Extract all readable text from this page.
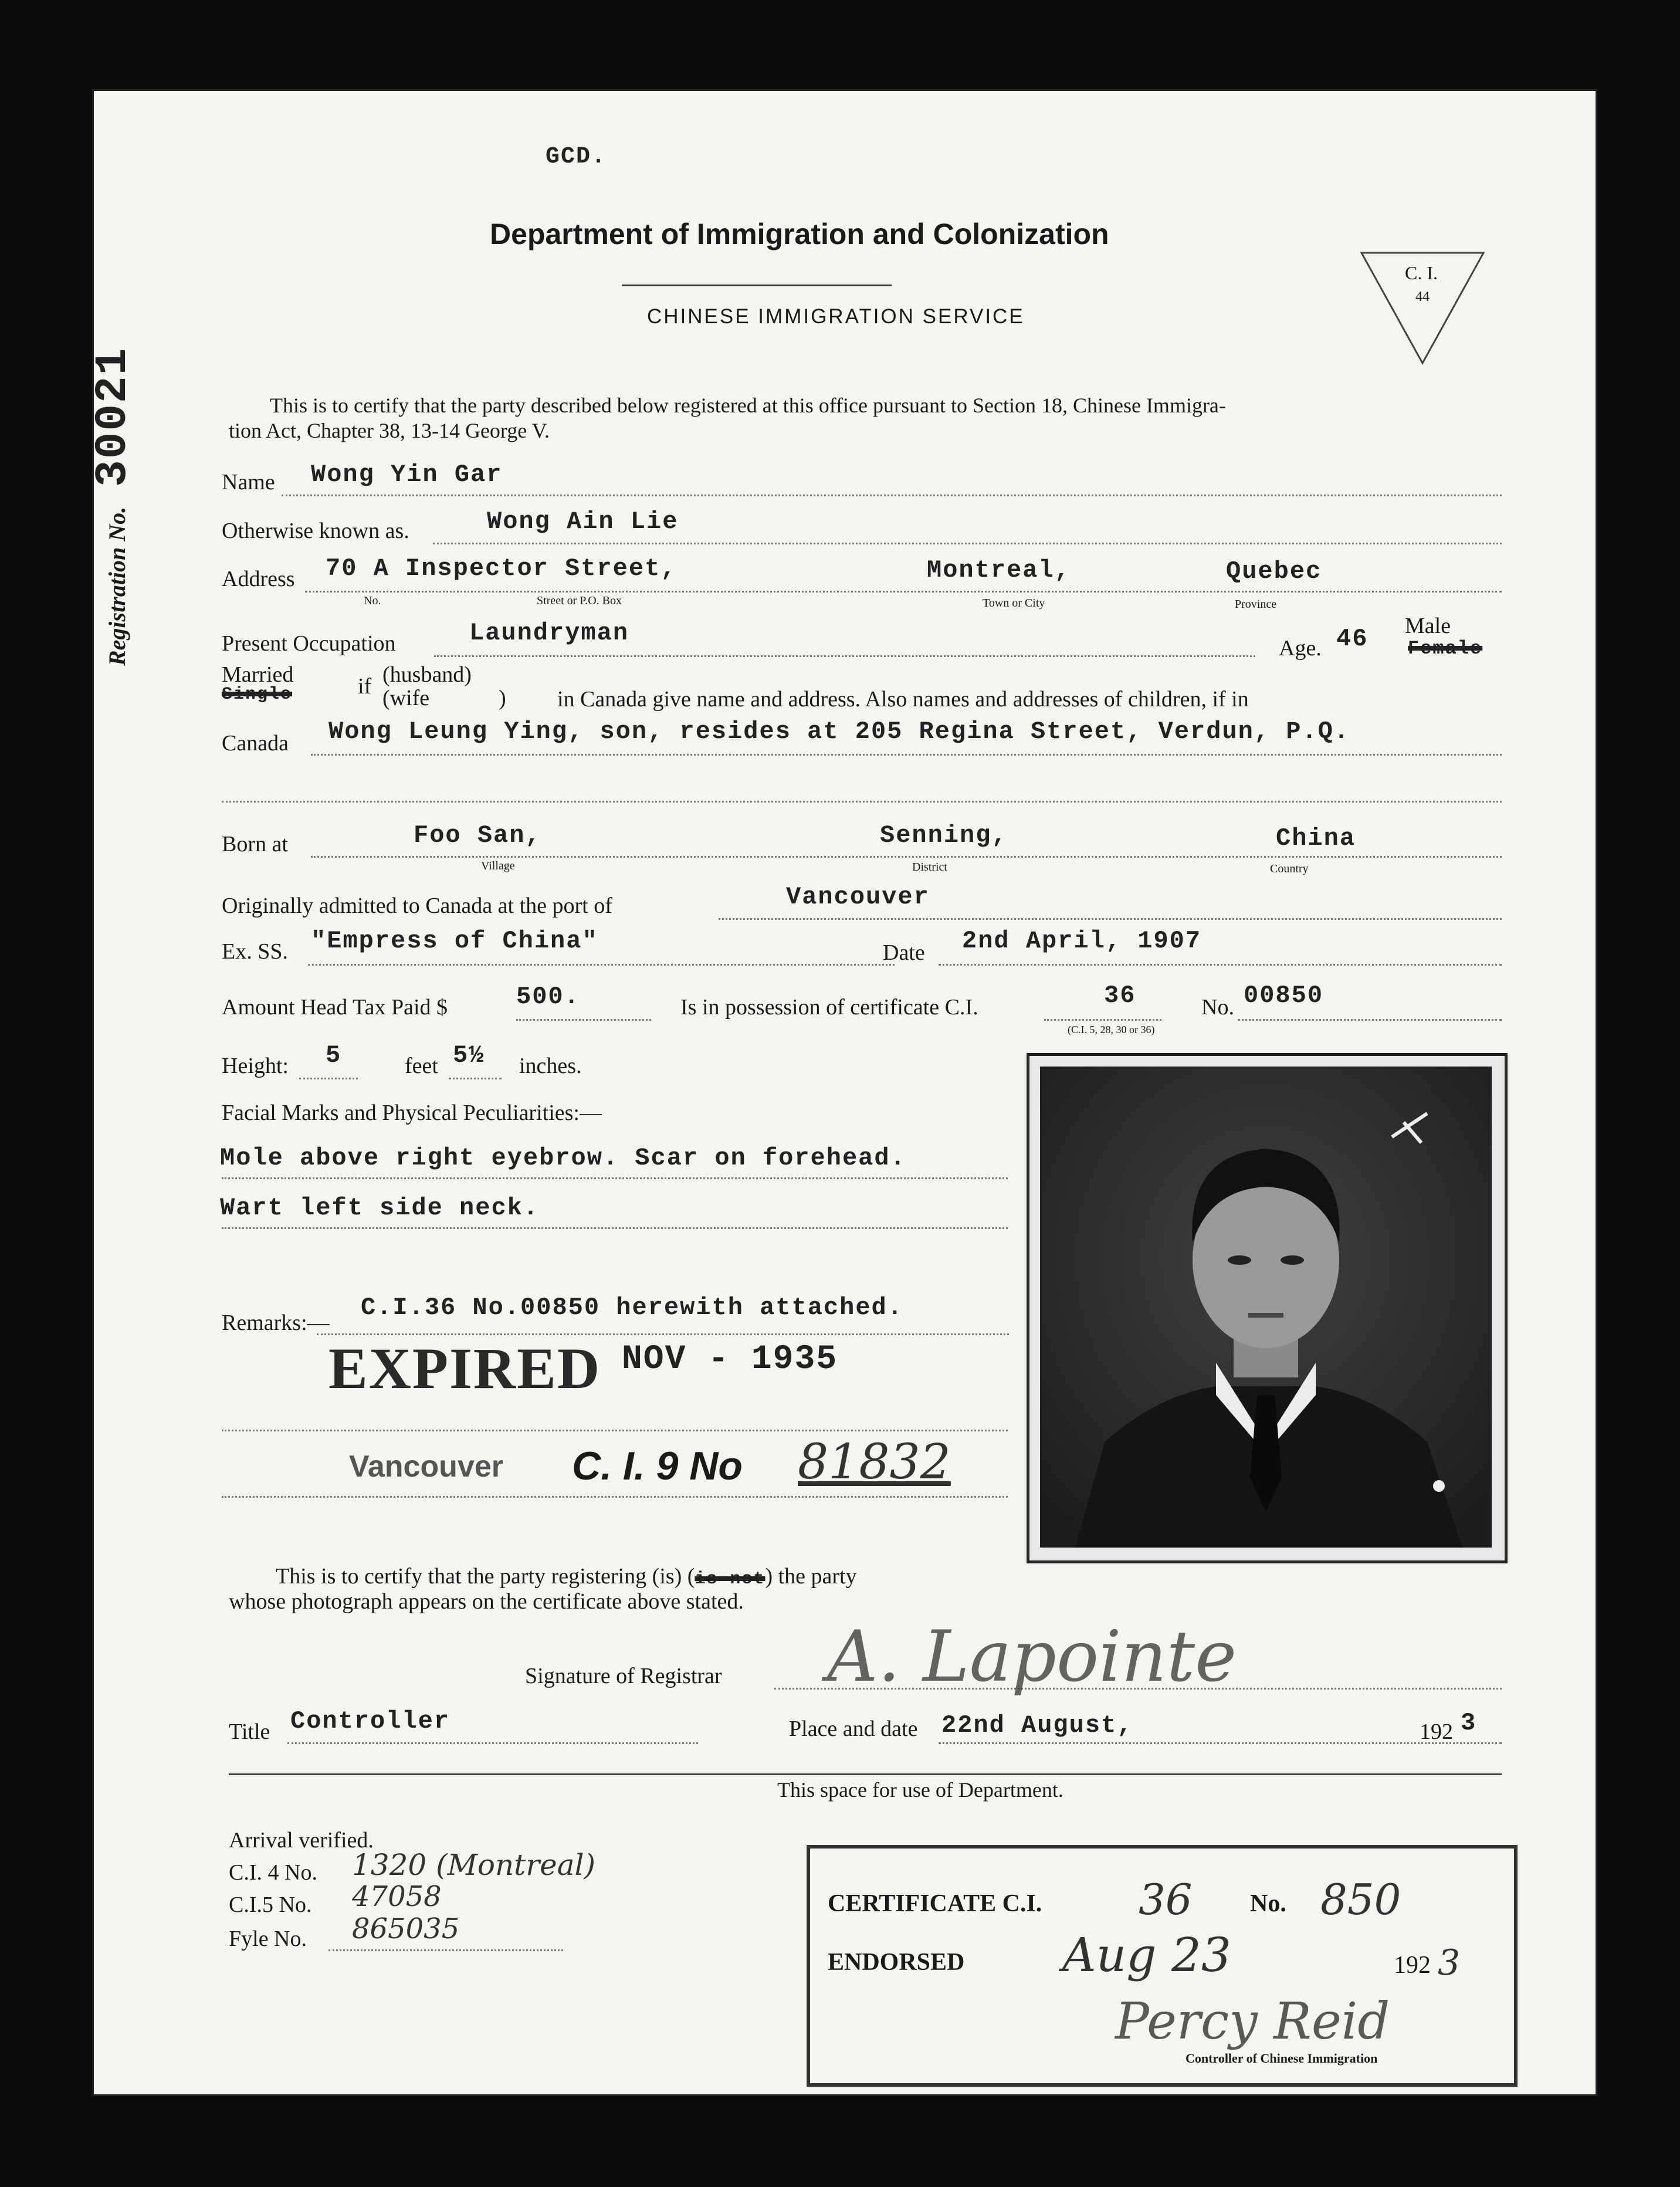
GCD.
Department of Immigration and Colonization
CHINESE IMMIGRATION SERVICE
C. I.
44
Registration No. 30021	This is to certify that the party described below registered at this office pursuant to Section 18, Chinese Immigra-
tion Act, Chapter 38, 13-14 George V.
Name Wong Yin Gar
Otherwise known as.	Wong Ain Lie
Address 70 A Inspector Street,	Montreal,	Quebec
No.	Street or P.O. Box	Town or City	Province
Present Occupation	Laundryman
Age. 46 Male
Female
Married
Single	if (husband)
(wife	) in Canada give name and address. Also names and addresses of children, if in
Canada Wong Leung Ying, son, resides at 205 Regina Street, Verdun, P.Q.
Born at	Foo San,	Senning,	China
Village	District	Country
Originally admitted to Canada at the port of	Vancouver
Ex. SS. "Empress of China"	Date 2nd April, 1907
Amount Head Tax Paid $	500.	Is in possession of certificate C.I.	36	No. 00850
(C.I. 5, 28, 30 or 36)
Height: 5	feet 5½ inches.
Facial Marks and Physical Peculiarities:—
Mole above right eyebrow. Scar on forehead.
Wart left side neck.
Remarks:—
C.I.36 No.00850 herewith attached.
EXPIRED NOV - 1935
Vancouver C. I. 9 No 81832
This is to certify that the party registering (is) (is not) the party
whose photograph appears on the certificate above stated.
Signature of Registrar A. Lapointe
Title Controller	Place and date 22nd August,	192 3
This space for use of Department.
Arrival verified.
C.I. 4 No. 1320 (Montreal)
C.I.5 No. 47058
Fyle No. 865035
CERTIFICATE C.I. 36 No. 850
ENDORSED Aug 23	192 3
Percy Reid
Controller of Chinese Immigration
